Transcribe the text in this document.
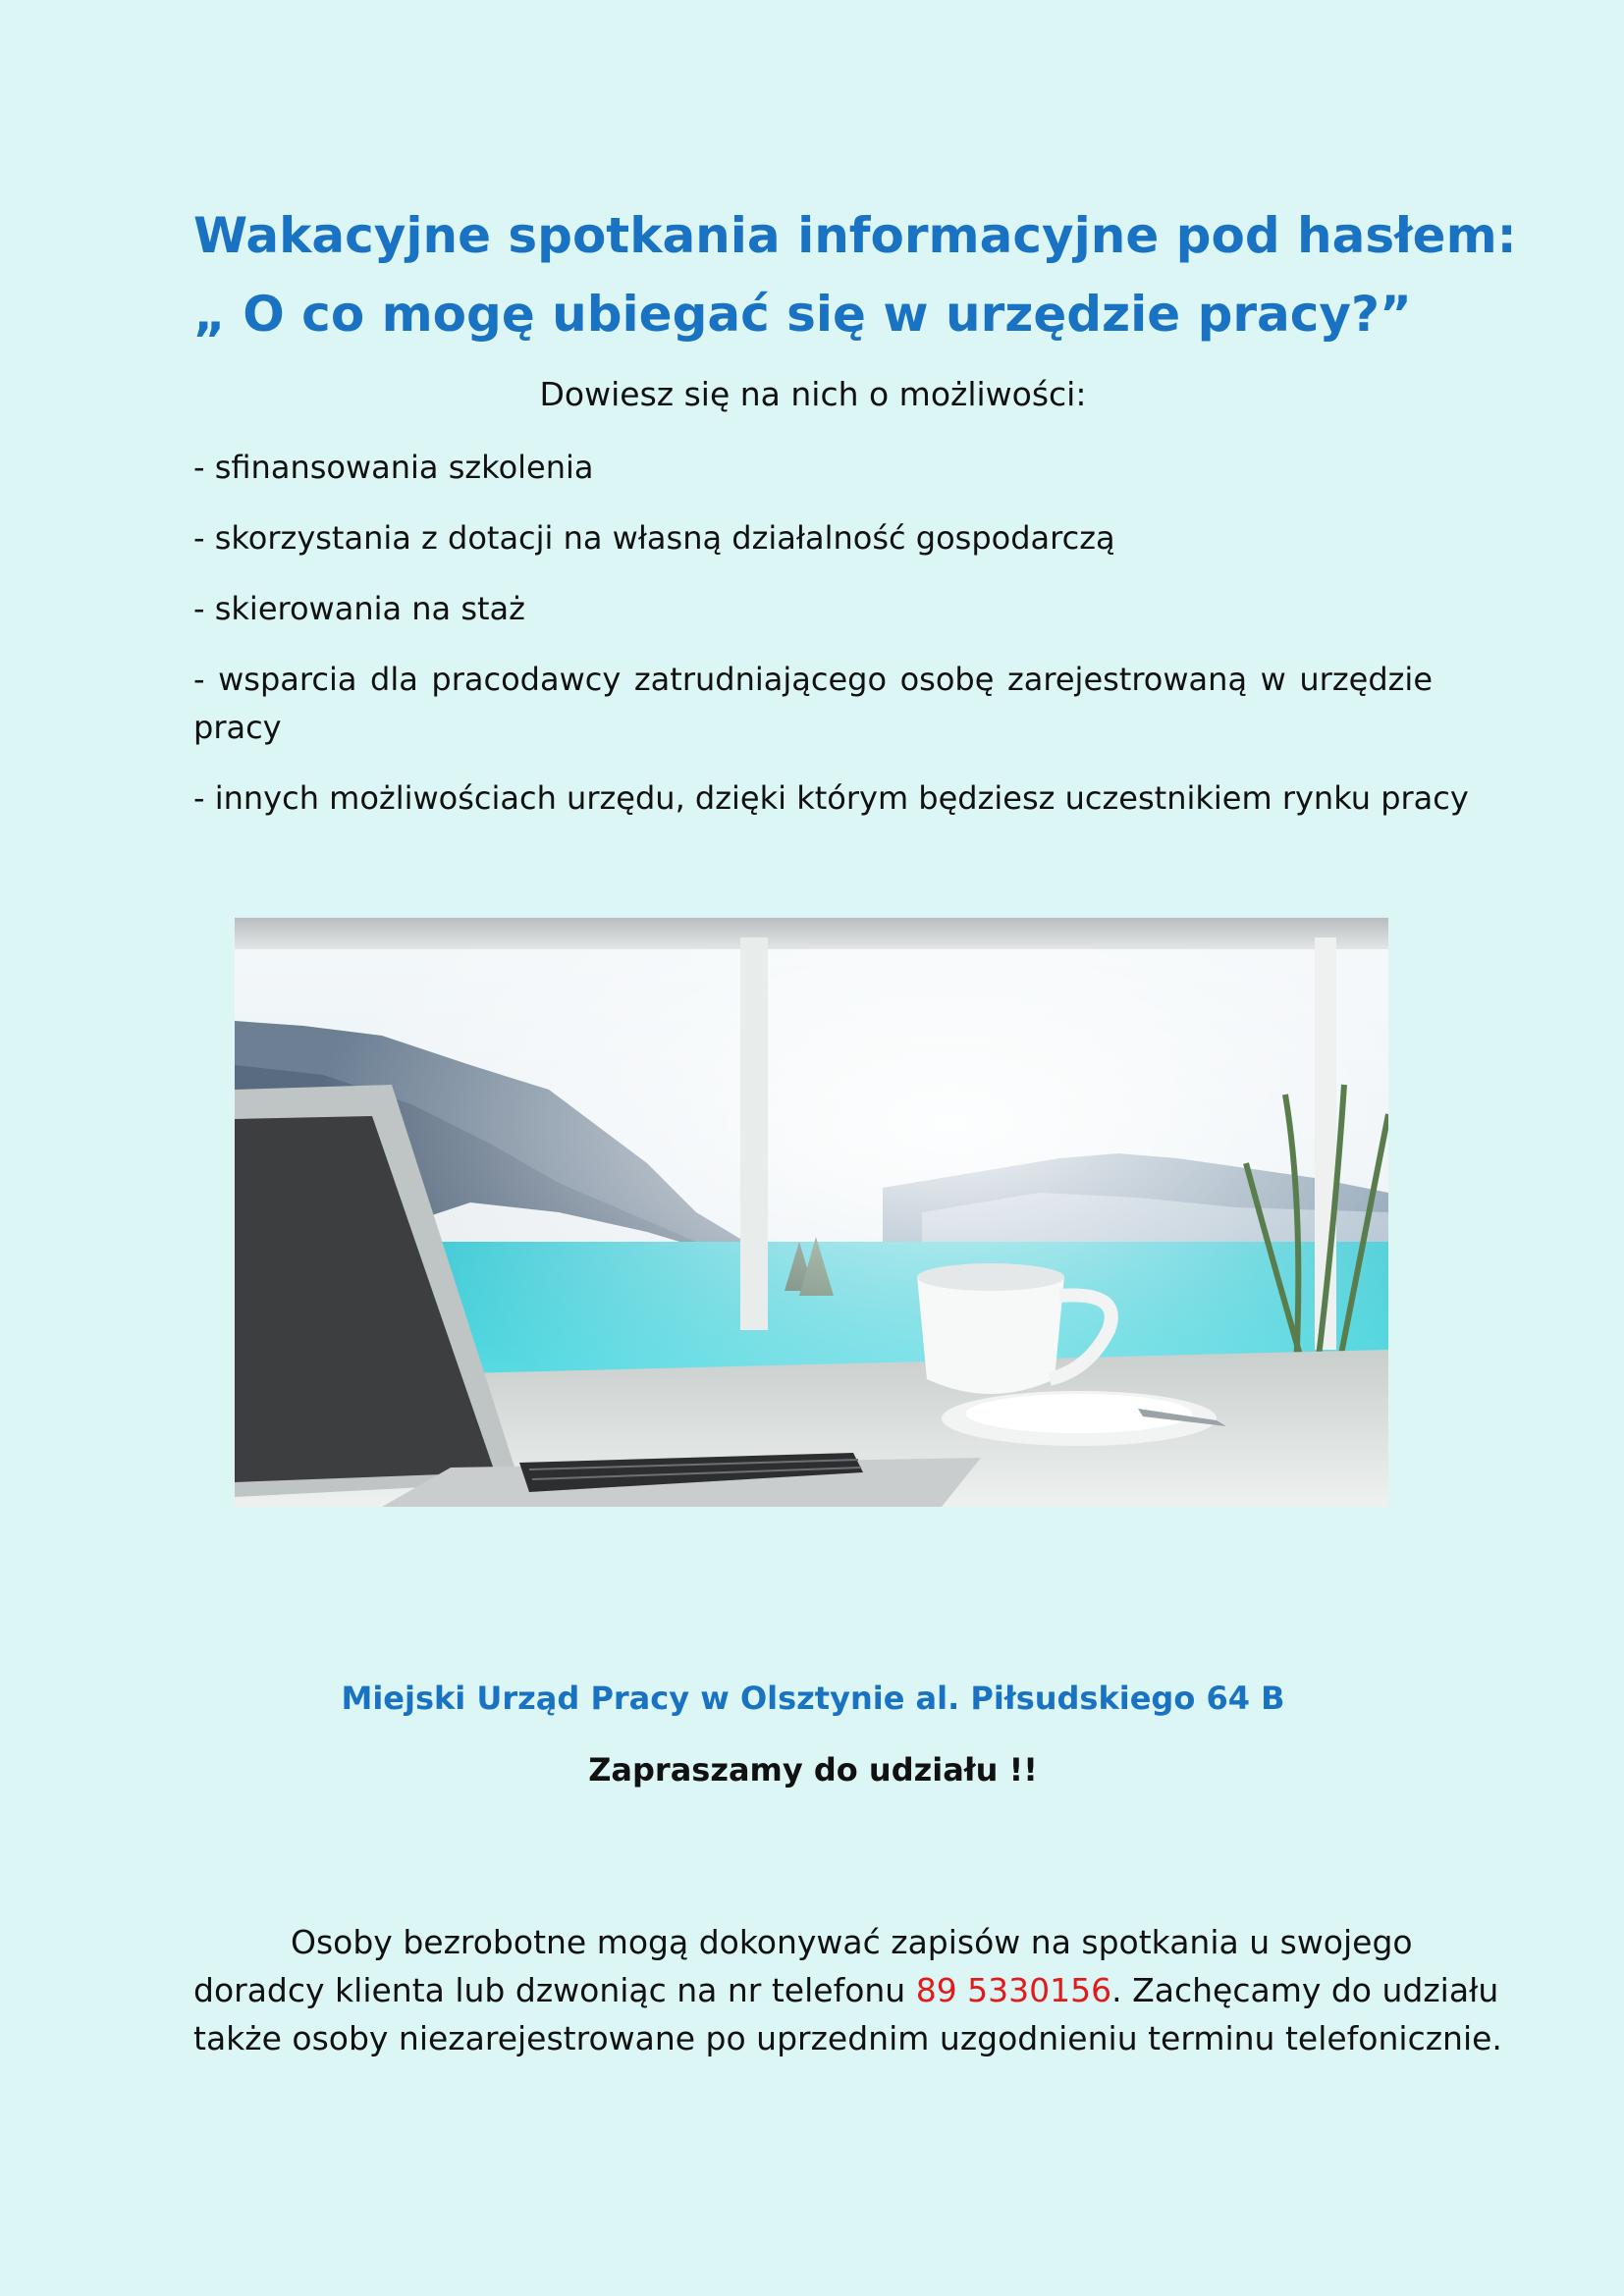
Wakacyjne spotkania informacyjne pod hasłem:
„ O co mogę ubiegać się w urzędzie pracy?”
Dowiesz się na nich o możliwości:
- sfinansowania szkolenia
- skorzystania z dotacji na własną działalność gospodarczą
- skierowania na staż
- wsparcia dla pracodawcy zatrudniającego osobę zarejestrowaną w urzędzie pracy
- innych możliwościach urzędu, dzięki którym będziesz uczestnikiem rynku pracy
Miejski Urząd Pracy w Olsztynie al. Piłsudskiego 64 B
Zapraszamy do udziału !!

Osoby bezrobotne mogą dokonywać zapisów na spotkania u swojego
doradcy klienta lub dzwoniąc na nr telefonu 89 5330156. Zachęcamy do udziału
także osoby niezarejestrowane po uprzednim uzgodnieniu terminu telefonicznie.
